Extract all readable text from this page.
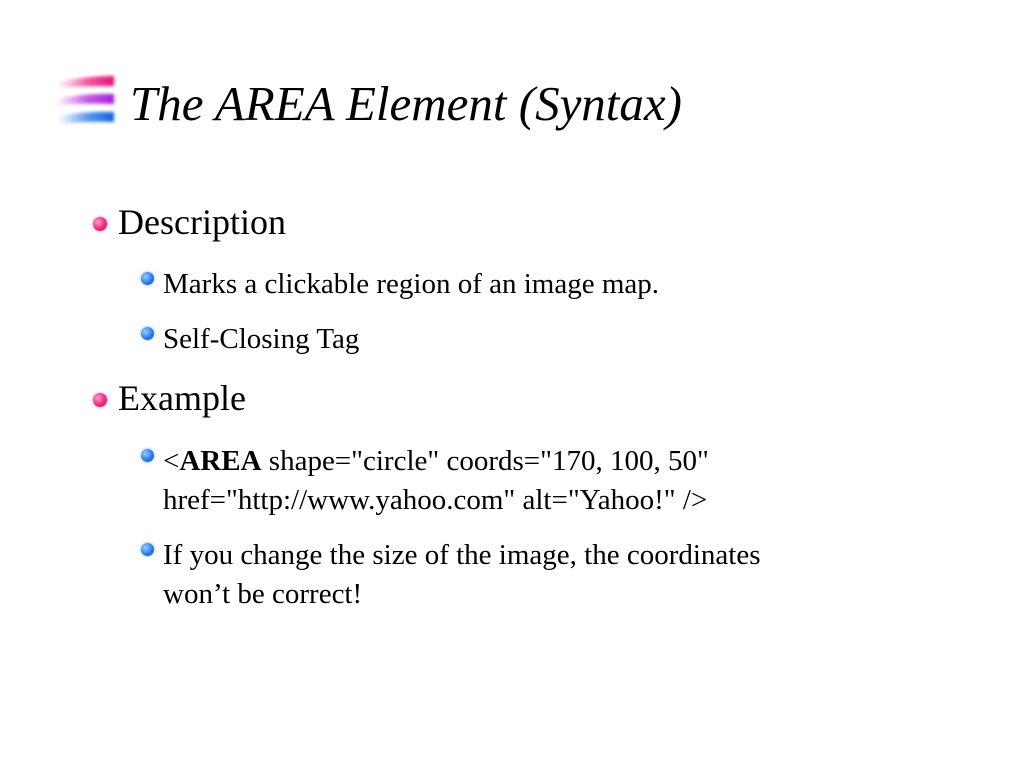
The AREA Element (Syntax)
Description
Marks a clickable region of an image map.
Self-Closing Tag
Example
<AREA shape="circle" coords="170, 100, 50"
href="http://www.yahoo.com" alt="Yahoo!" />
If you change the size of the image, the coordinates
won’t be correct!
